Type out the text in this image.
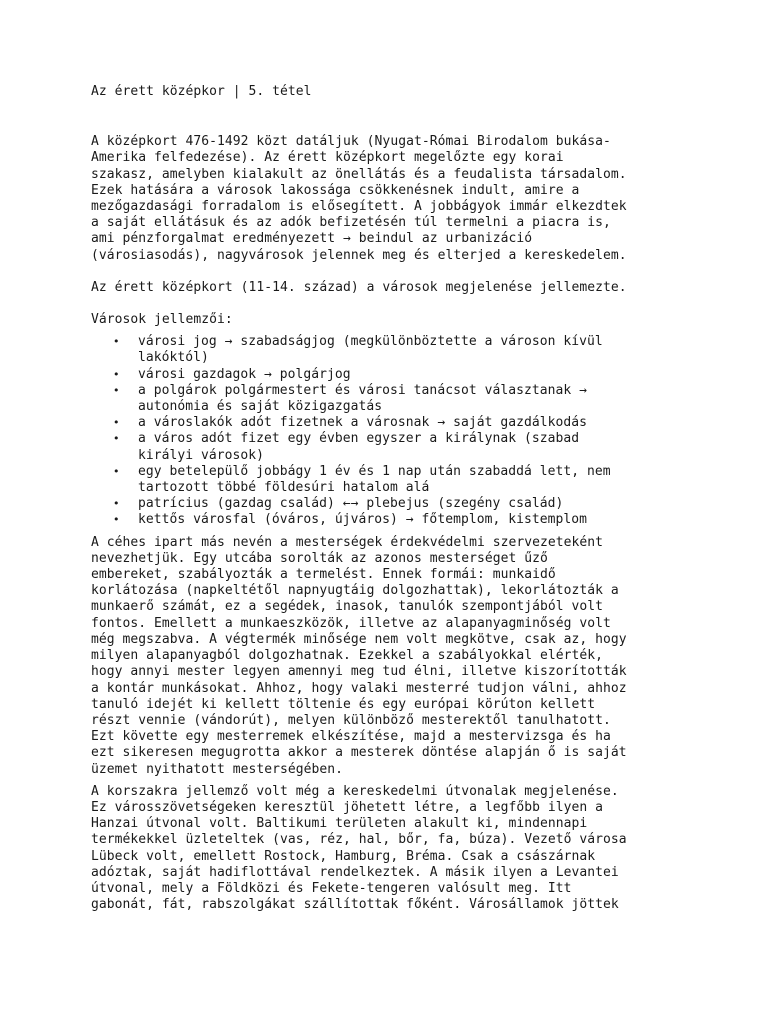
Az érett középkor | 5. tétel

A középkort 476-1492 közt datáljuk (Nyugat-Római Birodalom bukása-
Amerika felfedezése). Az érett középkort megelőzte egy korai
szakasz, amelyben kialakult az önellátás és a feudalista társadalom.
Ezek hatására a városok lakossága csökkenésnek indult, amire a
mezőgazdasági forradalom is elősegített. A jobbágyok immár elkezdtek
a saját ellátásuk és az adók befizetésén túl termelni a piacra is,
ami pénzforgalmat eredményezett → beindul az urbanizáció
(városiasodás), nagyvárosok jelennek meg és elterjed a kereskedelem.

Az érett középkort (11-14. század) a városok megjelenése jellemezte.

Városok jellemzői:

• városi jog → szabadságjog (megkülönböztette a városon kívül
lakóktól)
• városi gazdagok → polgárjog
• a polgárok polgármestert és városi tanácsot választanak →
autonómia és saját közigazgatás
• a városlakók adót fizetnek a városnak → saját gazdálkodás
• a város adót fizet egy évben egyszer a királynak (szabad
királyi városok)
• egy betelepülő jobbágy 1 év és 1 nap után szabaddá lett, nem
tartozott többé földesúri hatalom alá
• patrícius (gazdag család) ←→ plebejus (szegény család)
• kettős városfal (óváros, újváros) → főtemplom, kistemplom

A céhes ipart más nevén a mesterségek érdekvédelmi szervezeteként
nevezhetjük. Egy utcába sorolták az azonos mesterséget űző
embereket, szabályozták a termelést. Ennek formái: munkaidő
korlátozása (napkeltétől napnyugtáig dolgozhattak), lekorlátozták a
munkaerő számát, ez a segédek, inasok, tanulók szempontjából volt
fontos. Emellett a munkaeszközök, illetve az alapanyagminőség volt
még megszabva. A végtermék minősége nem volt megkötve, csak az, hogy
milyen alapanyagból dolgozhatnak. Ezekkel a szabályokkal elérték,
hogy annyi mester legyen amennyi meg tud élni, illetve kiszorították
a kontár munkásokat. Ahhoz, hogy valaki mesterré tudjon válni, ahhoz
tanuló idejét ki kellett töltenie és egy európai körúton kellett
részt vennie (vándorút), melyen különböző mesterektől tanulhatott.
Ezt követte egy mesterremek elkészítése, majd a mestervizsga és ha
ezt sikeresen megugrotta akkor a mesterek döntése alapján ő is saját
üzemet nyithatott mesterségében.

A korszakra jellemző volt még a kereskedelmi útvonalak megjelenése.
Ez városszövetségeken keresztül jöhetett létre, a legfőbb ilyen a
Hanzai útvonal volt. Baltikumi területen alakult ki, mindennapi
termékekkel üzleteltek (vas, réz, hal, bőr, fa, búza). Vezető városa
Lübeck volt, emellett Rostock, Hamburg, Bréma. Csak a császárnak
adóztak, saját hadiflottával rendelkeztek. A másik ilyen a Levantei
útvonal, mely a Földközi és Fekete-tengeren valósult meg. Itt
gabonát, fát, rabszolgákat szállítottak főként. Városállamok jöttek
